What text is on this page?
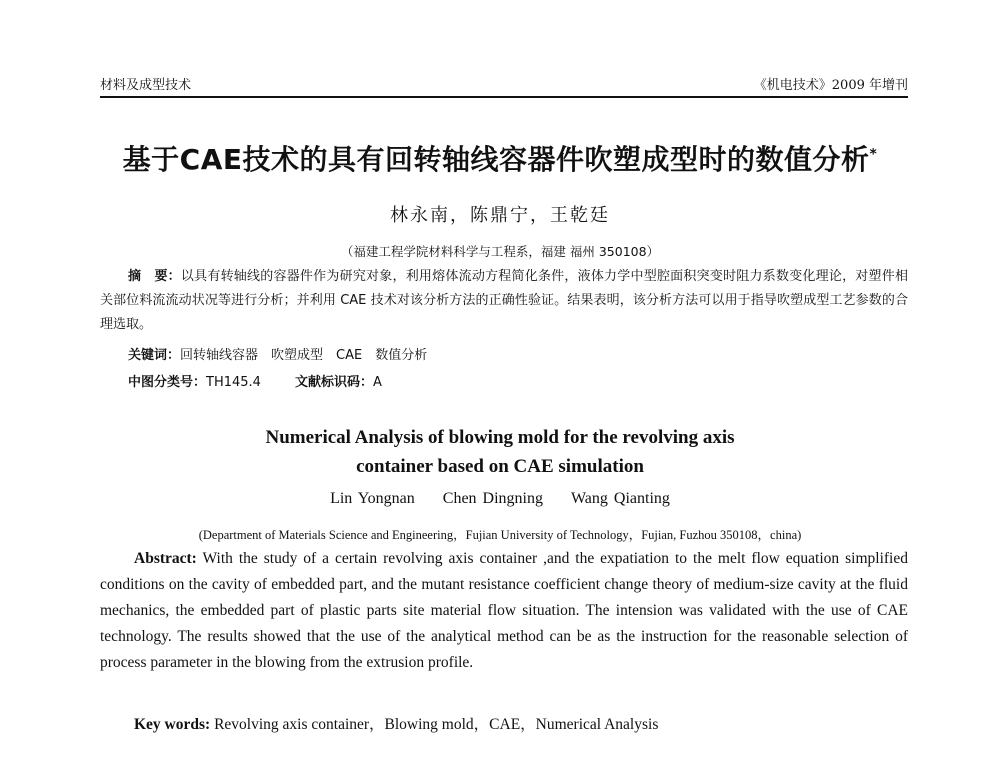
材料及成型技术	《机电技术》2009 年增刊
基于CAE技术的具有回转轴线容器件吹塑成型时的数值分析*
林永南，陈鼎宁，王乾廷
（福建工程学院材料科学与工程系，福建 福州 350108）

摘　要：以具有转轴线的容器件作为研究对象，利用熔体流动方程简化条件，液体力学中型腔面积突变时阻力系数变化理论，对塑件相关部位料流流动状况等进行分析；并利用 CAE 技术对该分析方法的正确性验证。结果表明，该分析方法可以用于指导吹塑成型工艺参数的合理选取。

关键词：回转轴线容器　吹塑成型　CAE　数值分析
中图分类号：TH145.4	文献标识码：A
Numerical Analysis of blowing mold for the revolving axis
container based on CAE simulation
Lin Yongnan Chen Dingning Wang Qianting
(Department of Materials Science and Engineering，Fujian University of Technology，Fujian, Fuzhou 350108，china)

Abstract: With the study of a certain revolving axis container ,and the expatiation to the melt flow equation simplified conditions on the cavity of embedded part, and the mutant resistance coefficient change theory of medium-size cavity at the fluid mechanics, the embedded part of plastic parts site material flow situation. The intension was validated with the use of CAE technology. The results showed that the use of the analytical method can be as the instruction for the reasonable selection of process parameter in the blowing from the extrusion profile.

Key words: Revolving axis container，Blowing mold，CAE，Numerical Analysis
